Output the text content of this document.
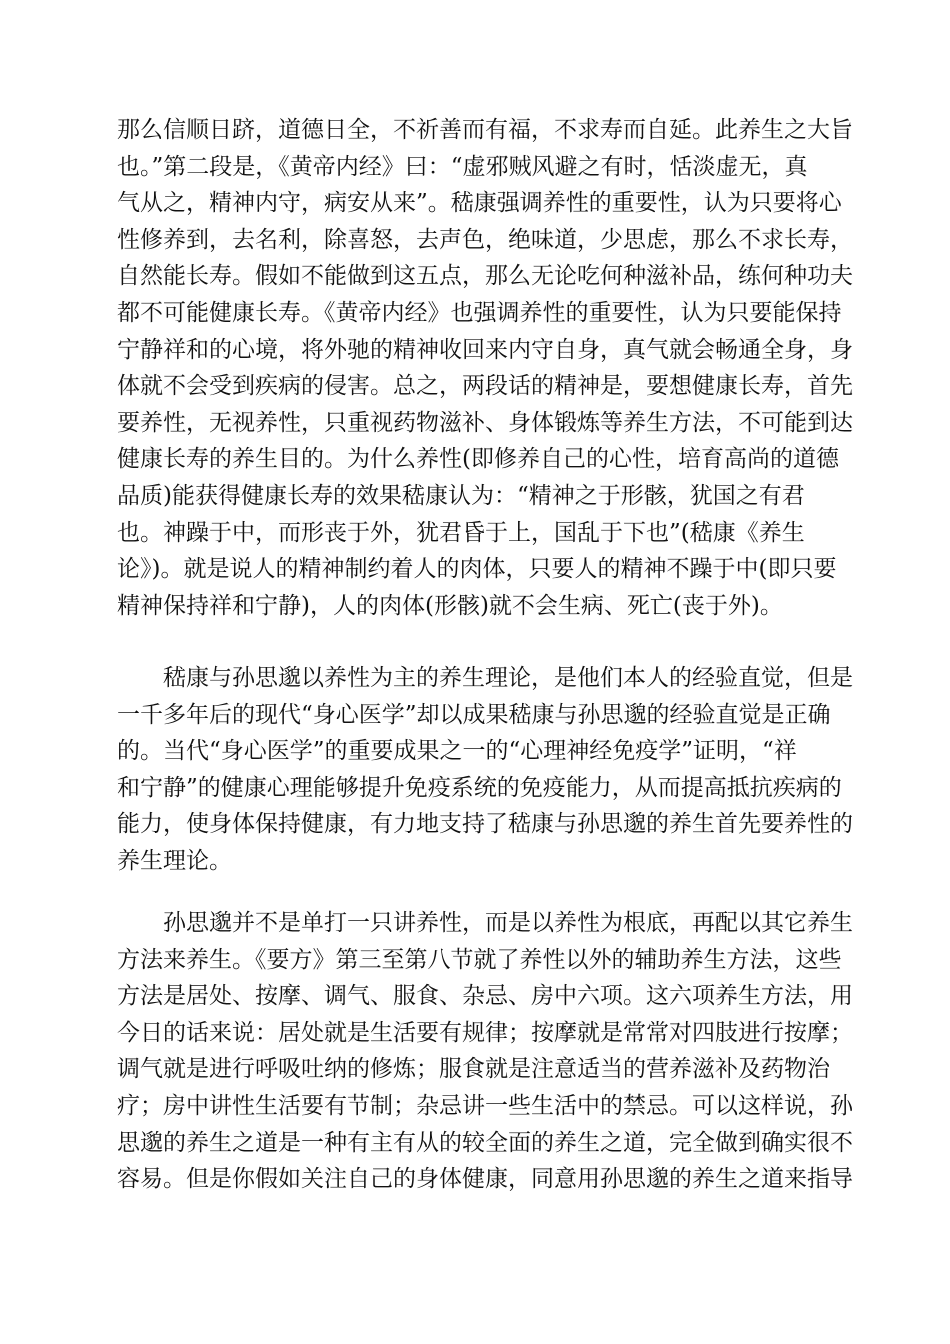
那么信顺日跻，道德日全，不祈善而有福，不求寿而自延。此养生之大旨
也。”第二段是，《黄帝内经》曰：“虚邪贼风避之有时，恬淡虚无，真
气从之，精神内守，病安从来”。嵇康强调养性的重要性，认为只要将心
性修养到，去名利，除喜怒，去声色，绝味道，少思虑，那么不求长寿，
自然能长寿。假如不能做到这五点，那么无论吃何种滋补品，练何种功夫
都不可能健康长寿。《黄帝内经》也强调养性的重要性，认为只要能保持
宁静祥和的心境，将外驰的精神收回来内守自身，真气就会畅通全身，身
体就不会受到疾病的侵害。总之，两段话的精神是，要想健康长寿，首先
要养性，无视养性，只重视药物滋补、身体锻炼等养生方法，不可能到达
健康长寿的养生目的。为什么养性(即修养自己的心性，培育高尚的道德
品质)能获得健康长寿的效果嵇康认为：“精神之于形骸，犹国之有君
也。神躁于中，而形丧于外，犹君昏于上，国乱于下也”(嵇康《养生
论》)。就是说人的精神制约着人的肉体，只要人的精神不躁于中(即只要
精神保持祥和宁静)，人的肉体(形骸)就不会生病、死亡(丧于外)。
嵇康与孙思邈以养性为主的养生理论，是他们本人的经验直觉，但是
一千多年后的现代“身心医学”却以成果嵇康与孙思邈的经验直觉是正确
的。当代“身心医学”的重要成果之一的“心理神经免疫学”证明，“祥
和宁静”的健康心理能够提升免疫系统的免疫能力，从而提高抵抗疾病的
能力，使身体保持健康，有力地支持了嵇康与孙思邈的养生首先要养性的
养生理论。
孙思邈并不是单打一只讲养性，而是以养性为根底，再配以其它养生
方法来养生。《要方》第三至第八节就了养性以外的辅助养生方法，这些
方法是居处、按摩、调气、服食、杂忌、房中六项。这六项养生方法，用
今日的话来说：居处就是生活要有规律；按摩就是常常对四肢进行按摩；
调气就是进行呼吸吐纳的修炼；服食就是注意适当的营养滋补及药物治
疗；房中讲性生活要有节制；杂忌讲一些生活中的禁忌。可以这样说，孙
思邈的养生之道是一种有主有从的较全面的养生之道，完全做到确实很不
容易。但是你假如关注自己的身体健康，同意用孙思邈的养生之道来指导
